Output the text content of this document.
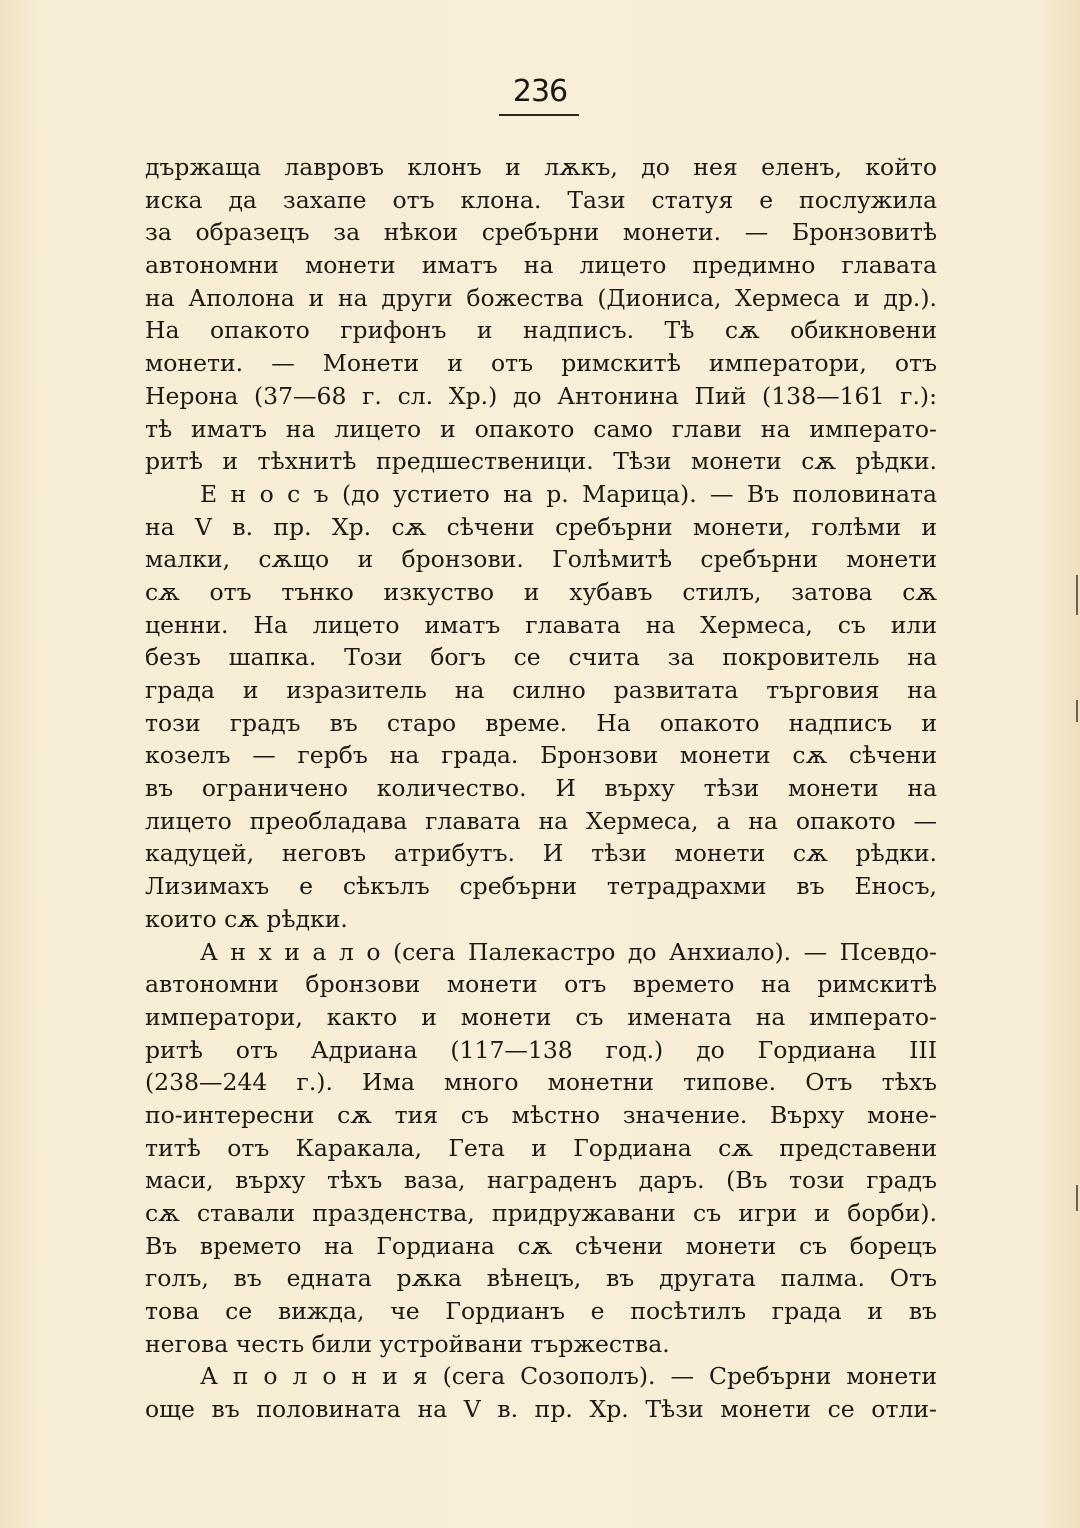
236
държаща лавровъ клонъ и лѫкъ, до нея еленъ, който
иска да захапе отъ клона. Тази статуя е послужила
за образецъ за нѣкои сребърни монети. — Бронзовитѣ
автономни монети иматъ на лицето предимно главата
на Аполона и на други божества (Диониса, Хермеса и др.).
На опакото грифонъ и надписъ. Тѣ сѫ обикновени
монети. — Монети и отъ римскитѣ императори, отъ
Нерона (37—68 г. сл. Хр.) до Антонина Пий (138—161 г.):
тѣ иматъ на лицето и опакото само глави на императо-
ритѣ и тѣхнитѣ предшественици. Тѣзи монети сѫ рѣдки.
Е н о с ъ (до устието на р. Марица). — Въ половината
на V в. пр. Хр. сѫ сѣчени сребърни монети, голѣми и
малки, сѫщо и бронзови. Голѣмитѣ сребърни монети
сѫ отъ тънко изкуство и хубавъ стилъ, затова сѫ
ценни. На лицето иматъ главата на Хермеса, съ или
безъ шапка. Този богъ се считa за покровитель на
града и изразитель на силно развитата търговия на
този градъ въ старо време. На опакото надписъ и
козелъ — гербъ на града. Бронзови монети сѫ сѣчени
въ ограничено количество. И върху тѣзи монети на
лицето преобладава главата на Хермеса, а на опакото —
кадуцей, неговъ атрибутъ. И тѣзи монети сѫ рѣдки.
Лизимахъ е сѣкълъ сребърни тетрадрахми въ Еносъ,
които сѫ рѣдки.
А н х и а л о (сега Палекастро до Анхиало). — Псевдо-
автономни бронзови монети отъ времето на римскитѣ
императори, както и монети съ имената на императо-
ритѣ отъ Адриана (117—138 год.) до Гордиана III
(238—244 г.). Има много монетни типове. Отъ тѣхъ
по-интересни сѫ тия съ мѣстно значение. Върху моне-
титѣ отъ Каракала, Гета и Гордиана сѫ представени
маси, върху тѣхъ ваза, награденъ даръ. (Въ този градъ
сѫ ставали празденства, придружавани съ игри и борби).
Въ времето на Гордиана сѫ сѣчени монети съ борецъ
голъ, въ едната рѫка вѣнецъ, въ другата палма. Отъ
това се вижда, че Гордианъ е посѣтилъ града и въ
негова честь били устройвани тържества.
А п о л о н и я (сега Созополъ). — Сребърни монети
още въ половината на V в. пр. Хр. Тѣзи монети се отли-
